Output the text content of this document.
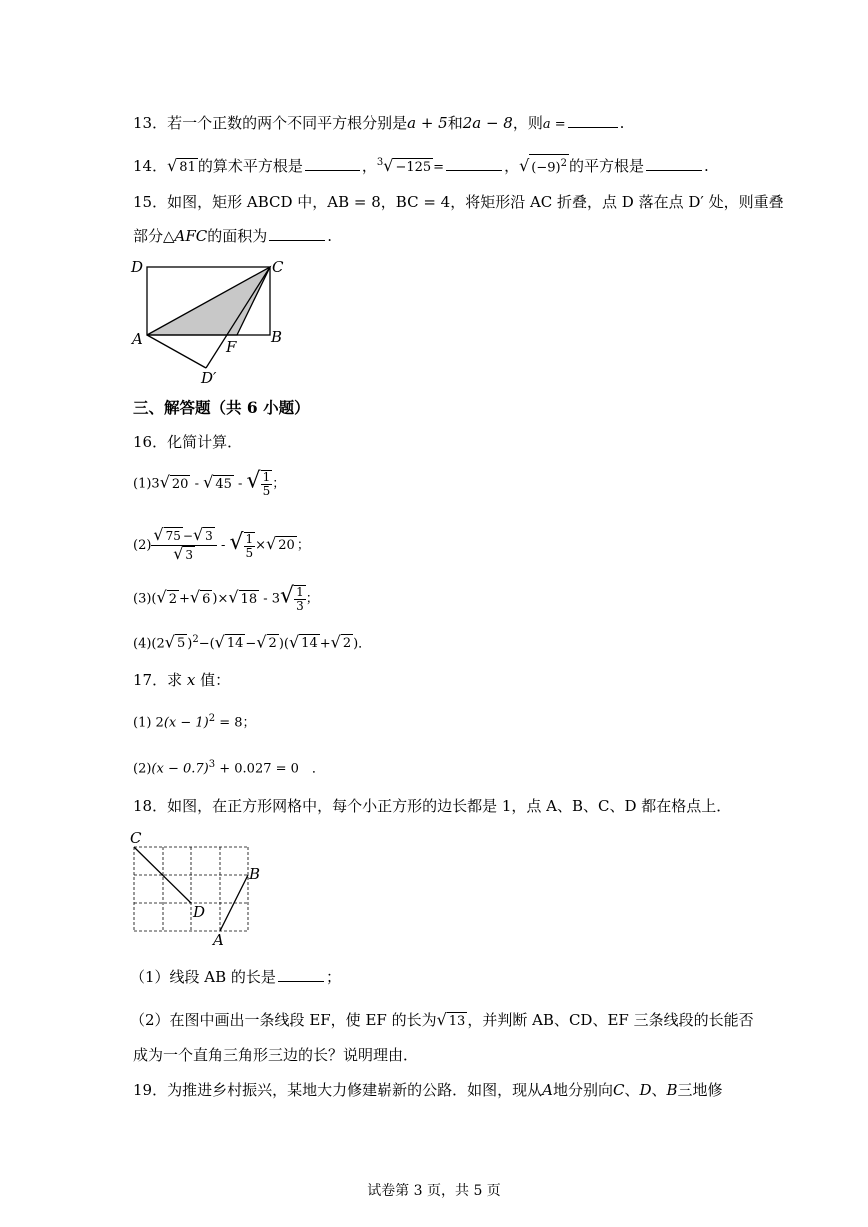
13．若一个正数的两个不同平方根分别是a + 5和2a − 8，则a =	.
14．√ 81 的算术平方根是	，$^3$√ −125 =	，√ $(-9)^2$ 的平方根是	.
15．如图，矩形 ABCD 中，AB = 8，BC = 4，将矩形沿 AC 折叠，点 D 落在点 D′ 处，则重叠
部分△AFC的面积为	.
D	C
A	B
F
D′
三、解答题（共 6 小题）
16．化简计算．
(1)3√ 20 - √ 45 - √ $\frac{1}{5}$ ；
$(2) \frac{√ 75 -√ 3}{√ 3}$ - √ $\frac{1}{5}$ ×√ 20 ；
(3)(√ 2 +√ 6 )×√ $18 - 3√ \frac{1}{3}$ ；
(4)(2√ 5 )$^2$−(√ 14 −√ 2 )(√ 14 +√ 2 )．
17．求 x 值：
(1) $2(x - 1)^2 = 8$；
$(2)(x - 0.7)^3 + 0.027 = 0$　．
18．如图，在正方形网格中，每个小正方形的边长都是 1，点 A、B、C、D 都在格点上．
C
B
D
A
（1）线段 AB 的长是	；
（2）在图中画出一条线段 EF，使 EF 的长为√ 13 ，并判断 AB、CD、EF 三条线段的长能否
成为一个直角三角形三边的长？说明理由．
19．为推进乡村振兴，某地大力修建崭新的公路．如图，现从A地分别向C、D、B三地修
试卷第 3 页，共 5 页
